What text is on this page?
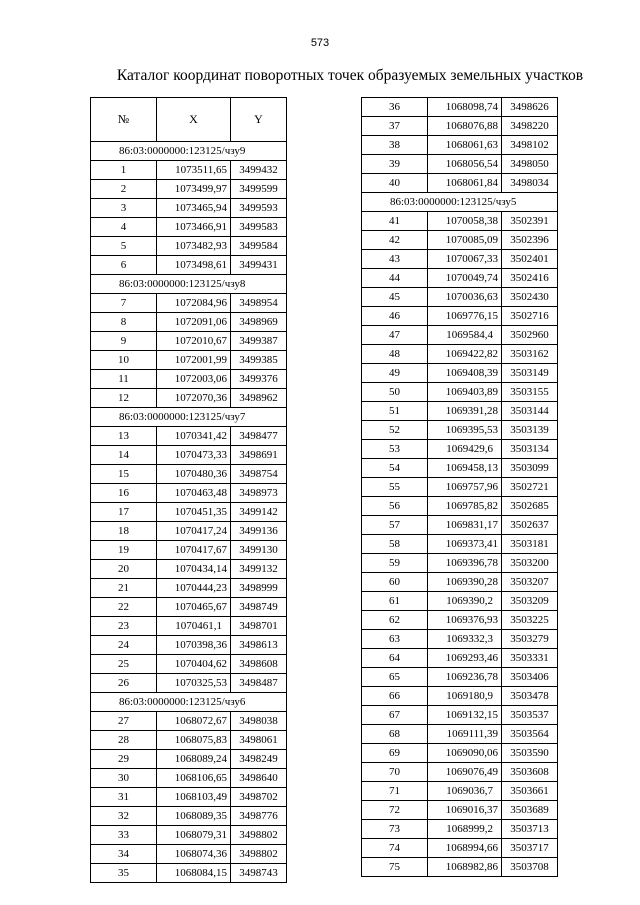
573
Каталог координат поворотных точек образуемых земельных участков
№	X	Y
86:03:0000000:123125/чзу9		
1	1073511,65	3499432
2	1073499,97	3499599
3	1073465,94	3499593
4	1073466,91	3499583
5	1073482,93	3499584
6	1073498,61	3499431
86:03:0000000:123125/чзу8		
7	1072084,96	3498954
8	1072091,06	3498969
9	1072010,67	3499387
10	1072001,99	3499385
11	1072003,06	3499376
12	1072070,36	3498962
86:03:0000000:123125/чзу7		
13	1070341,42	3498477
14	1070473,33	3498691
15	1070480,36	3498754
16	1070463,48	3498973
17	1070451,35	3499142
18	1070417,24	3499136
19	1070417,67	3499130
20	1070434,14	3499132
21	1070444,23	3498999
22	1070465,67	3498749
23	1070461,1	3498701
24	1070398,36	3498613
25	1070404,62	3498608
26	1070325,53	3498487
86:03:0000000:123125/чзу6		
27	1068072,67	3498038
28	1068075,83	3498061
29	1068089,24	3498249
30	1068106,65	3498640
31	1068103,49	3498702
32	1068089,35	3498776
33	1068079,31	3498802
34	1068074,36	3498802
35	1068084,15	3498743
36	1068098,74	3498626
37	1068076,88	3498220
38	1068061,63	3498102
39	1068056,54	3498050
40	1068061,84	3498034
86:03:0000000:123125/чзу5		
41	1070058,38	3502391
42	1070085,09	3502396
43	1070067,33	3502401
44	1070049,74	3502416
45	1070036,63	3502430
46	1069776,15	3502716
47	1069584,4	3502960
48	1069422,82	3503162
49	1069408,39	3503149
50	1069403,89	3503155
51	1069391,28	3503144
52	1069395,53	3503139
53	1069429,6	3503134
54	1069458,13	3503099
55	1069757,96	3502721
56	1069785,82	3502685
57	1069831,17	3502637
58	1069373,41	3503181
59	1069396,78	3503200
60	1069390,28	3503207
61	1069390,2	3503209
62	1069376,93	3503225
63	1069332,3	3503279
64	1069293,46	3503331
65	1069236,78	3503406
66	1069180,9	3503478
67	1069132,15	3503537
68	1069111,39	3503564
69	1069090,06	3503590
70	1069076,49	3503608
71	1069036,7	3503661
72	1069016,37	3503689
73	1068999,2	3503713
74	1068994,66	3503717
75	1068982,86	3503708
